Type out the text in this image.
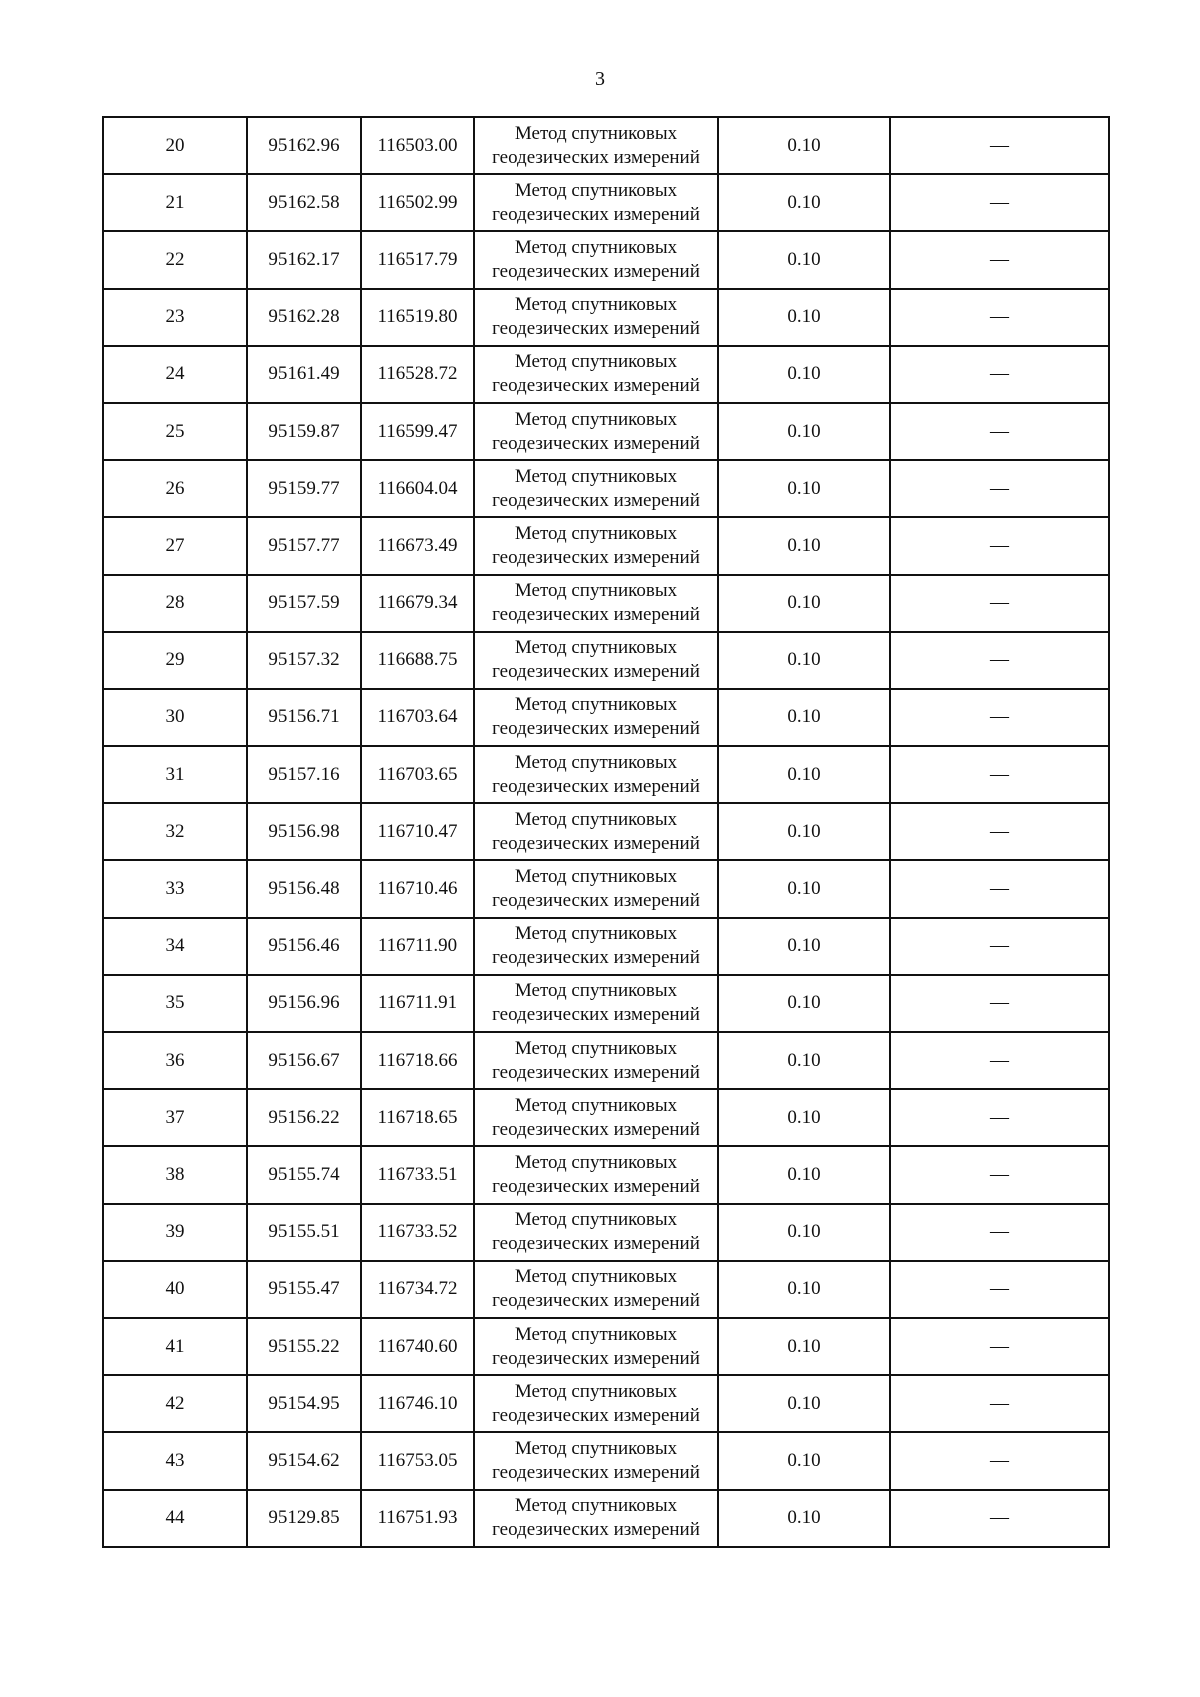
3
20	95162.96	116503.00	Метод спутниковых геодезических измерений	0.10	—
21	95162.58	116502.99	Метод спутниковых геодезических измерений	0.10	—
22	95162.17	116517.79	Метод спутниковых геодезических измерений	0.10	—
23	95162.28	116519.80	Метод спутниковых геодезических измерений	0.10	—
24	95161.49	116528.72	Метод спутниковых геодезических измерений	0.10	—
25	95159.87	116599.47	Метод спутниковых геодезических измерений	0.10	—
26	95159.77	116604.04	Метод спутниковых геодезических измерений	0.10	—
27	95157.77	116673.49	Метод спутниковых геодезических измерений	0.10	—
28	95157.59	116679.34	Метод спутниковых геодезических измерений	0.10	—
29	95157.32	116688.75	Метод спутниковых геодезических измерений	0.10	—
30	95156.71	116703.64	Метод спутниковых геодезических измерений	0.10	—
31	95157.16	116703.65	Метод спутниковых геодезических измерений	0.10	—
32	95156.98	116710.47	Метод спутниковых геодезических измерений	0.10	—
33	95156.48	116710.46	Метод спутниковых геодезических измерений	0.10	—
34	95156.46	116711.90	Метод спутниковых геодезических измерений	0.10	—
35	95156.96	116711.91	Метод спутниковых геодезических измерений	0.10	—
36	95156.67	116718.66	Метод спутниковых геодезических измерений	0.10	—
37	95156.22	116718.65	Метод спутниковых геодезических измерений	0.10	—
38	95155.74	116733.51	Метод спутниковых геодезических измерений	0.10	—
39	95155.51	116733.52	Метод спутниковых геодезических измерений	0.10	—
40	95155.47	116734.72	Метод спутниковых геодезических измерений	0.10	—
41	95155.22	116740.60	Метод спутниковых геодезических измерений	0.10	—
42	95154.95	116746.10	Метод спутниковых геодезических измерений	0.10	—
43	95154.62	116753.05	Метод спутниковых геодезических измерений	0.10	—
44	95129.85	116751.93	Метод спутниковых геодезических измерений	0.10	—
